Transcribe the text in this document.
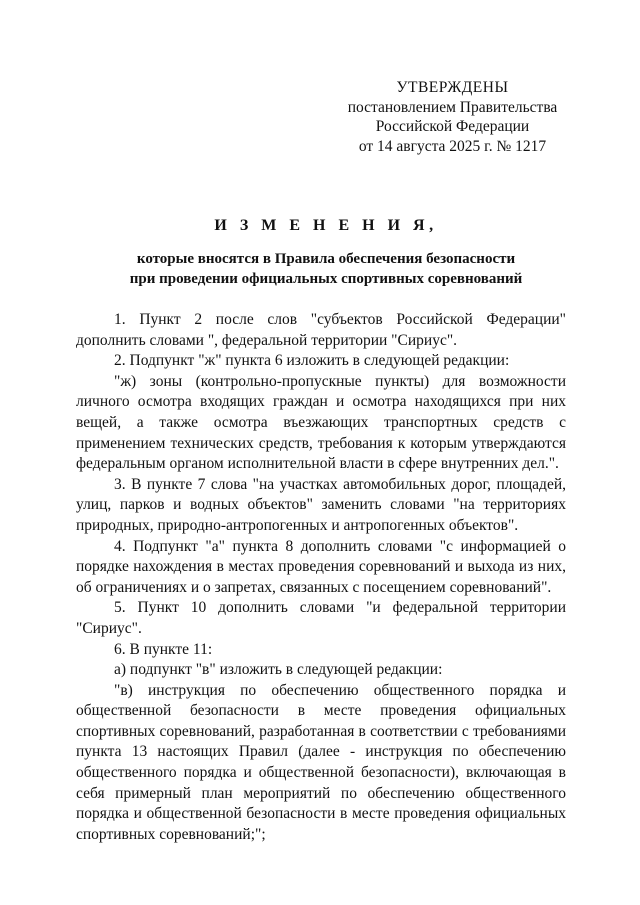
УТВЕРЖДЕНЫ
постановлением Правительства
Российской Федерации
от 14 августа 2025 г. № 1217
И З М Е Н Е Н И Я,
которые вносятся в Правила обеспечения безопасности
при проведении официальных спортивных соревнований

1. Пункт 2 после слов "субъектов Российской Федерации" дополнить словами ", федеральной территории "Сириус".

2. Подпункт "ж" пункта 6 изложить в следующей редакции:

"ж) зоны (контрольно-пропускные пункты) для возможности личного осмотра входящих граждан и осмотра находящихся при них вещей, а также осмотра въезжающих транспортных средств с применением технических средств, требования к которым утверждаются федеральным органом исполнительной власти в сфере внутренних дел.".

3. В пункте 7 слова "на участках автомобильных дорог, площадей, улиц, парков и водных объектов" заменить словами "на территориях природных, природно-антропогенных и антропогенных объектов".

4. Подпункт "а" пункта 8 дополнить словами "с информацией о порядке нахождения в местах проведения соревнований и выхода из них, об ограничениях и о запретах, связанных с посещением соревнований".

5. Пункт 10 дополнить словами "и федеральной территории "Сириус".

6. В пункте 11:

а) подпункт "в" изложить в следующей редакции:

"в) инструкция по обеспечению общественного порядка и общественной безопасности в месте проведения официальных спортивных соревнований, разработанная в соответствии с требованиями пункта 13 настоящих Правил (далее - инструкция по обеспечению общественного порядка и общественной безопасности), включающая в себя примерный план мероприятий по обеспечению общественного порядка и общественной безопасности в месте проведения официальных спортивных соревнований;";
